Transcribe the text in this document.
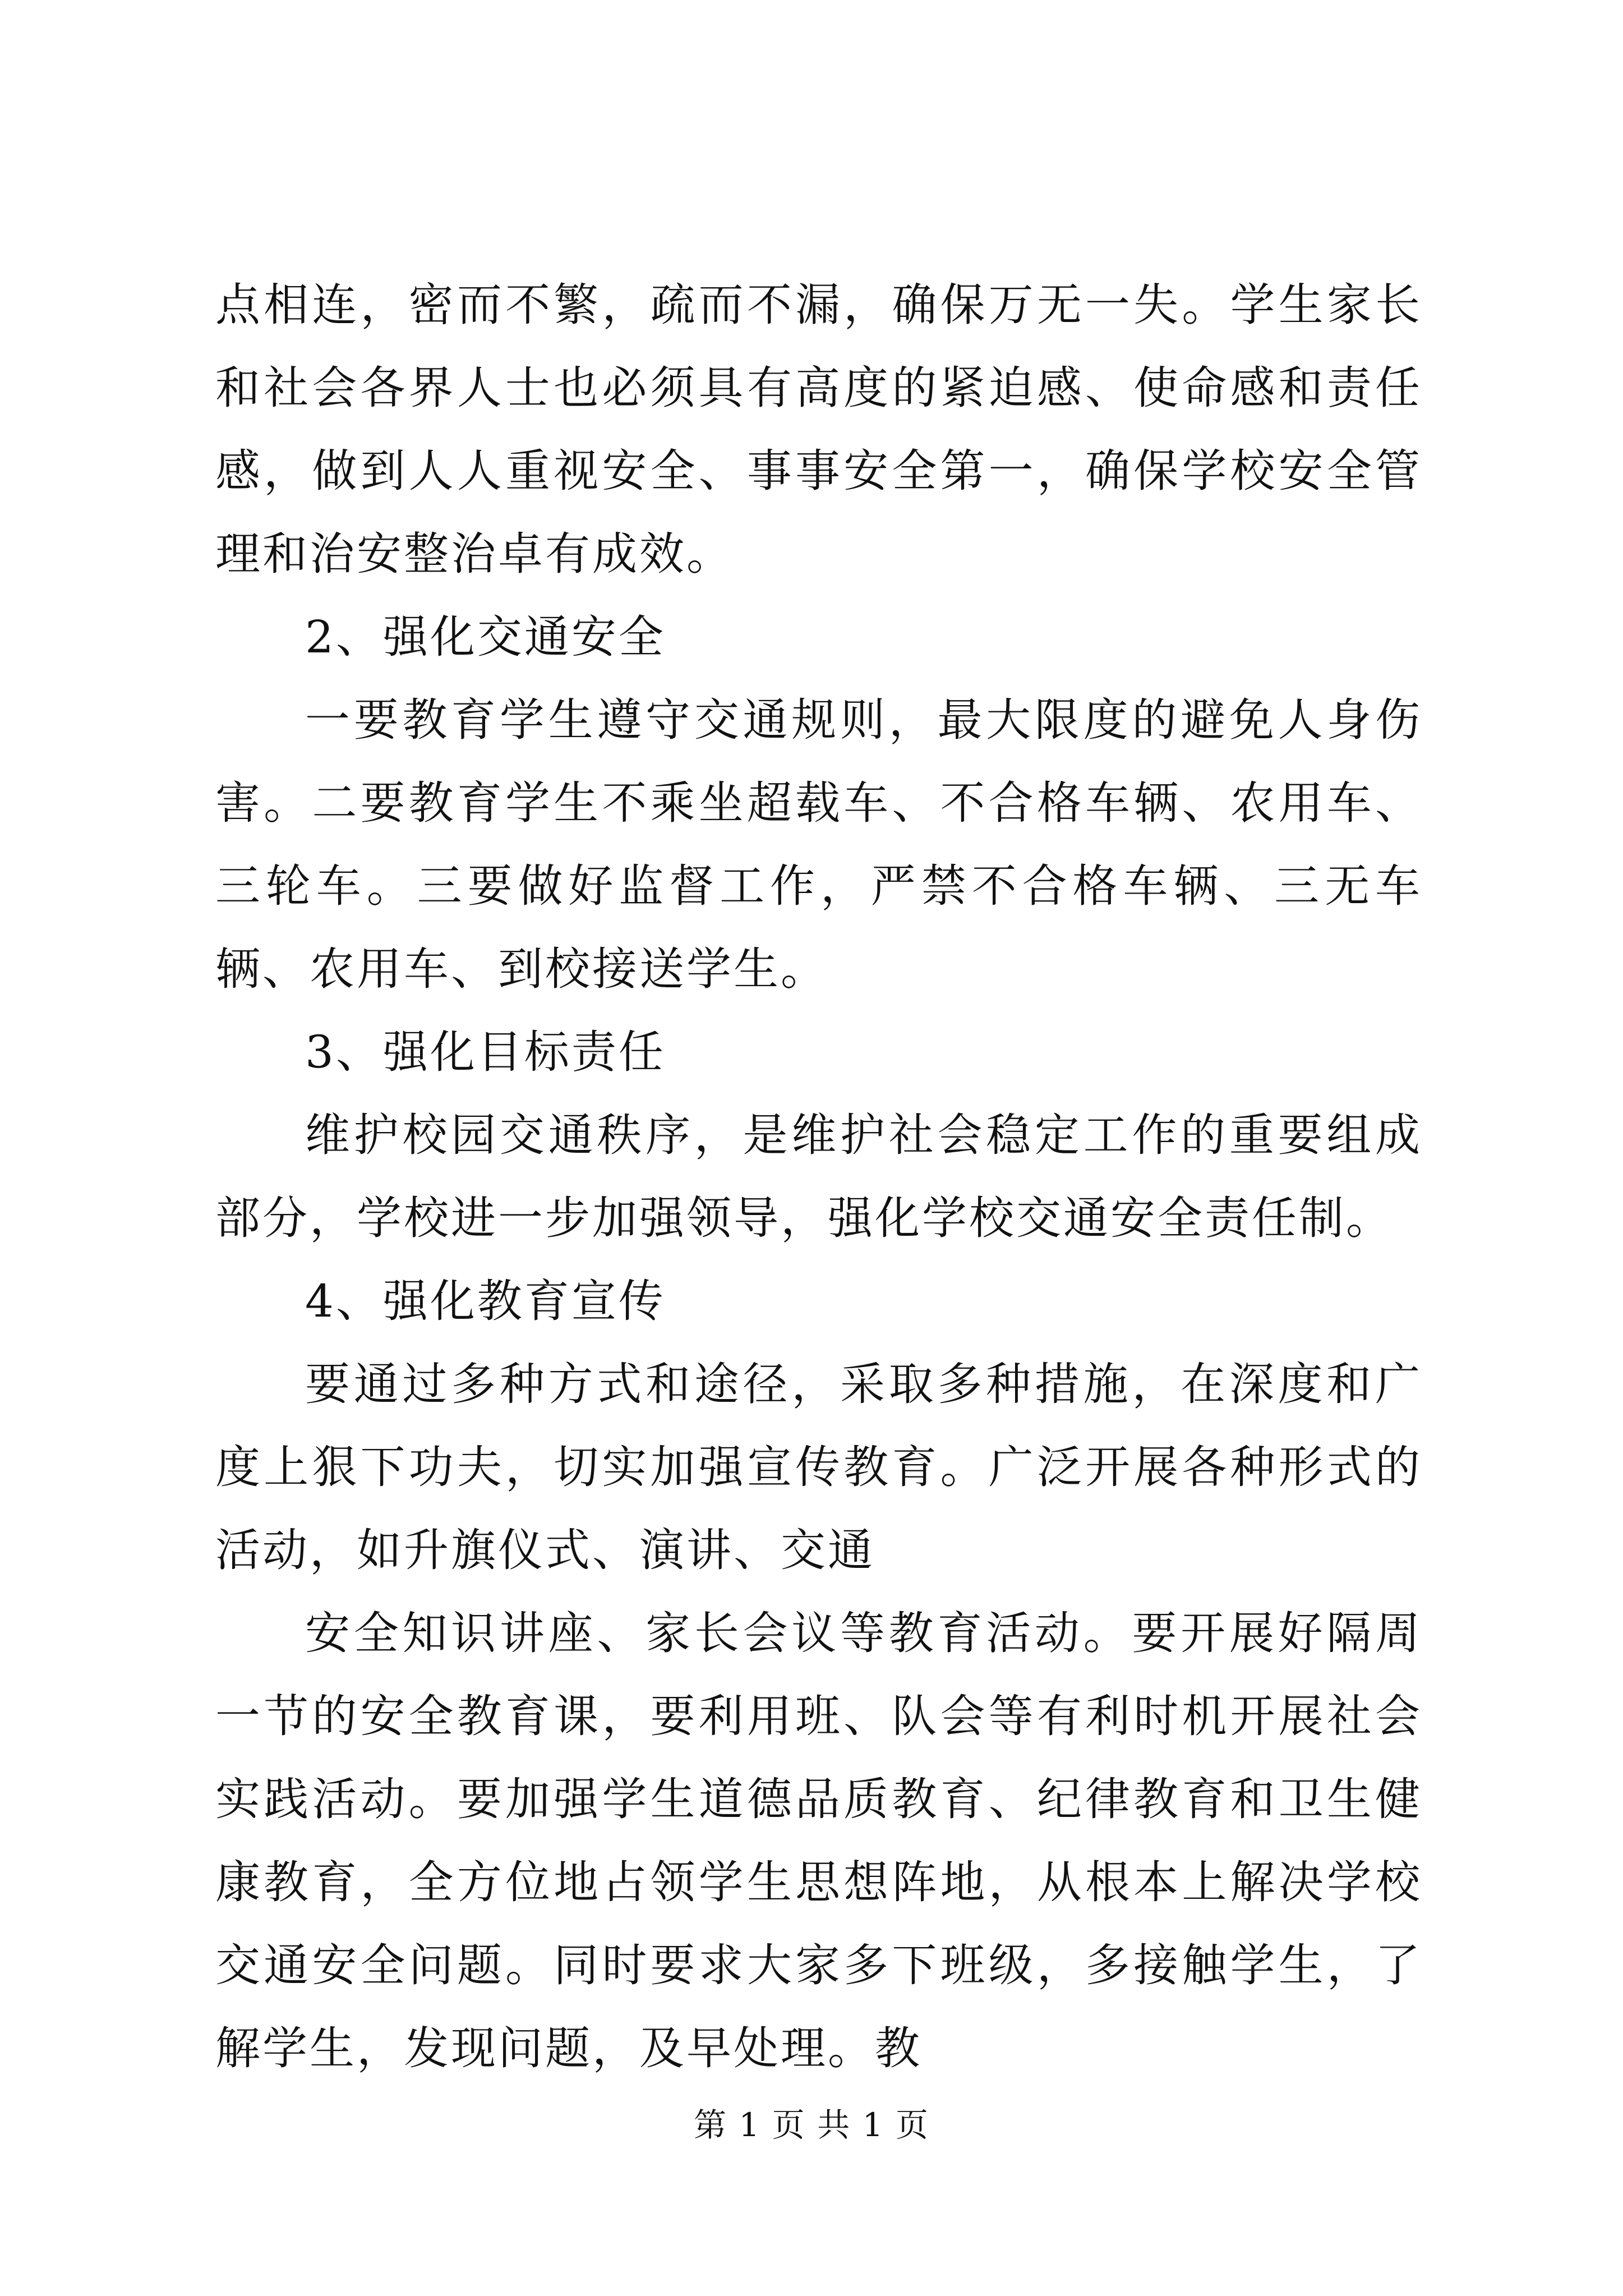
点相连，密而不繁，疏而不漏，确保万无一失。学生家长和社会各界人士也必须具有高度的紧迫感、使命感和责任感，做到人人重视安全、事事安全第一，确保学校安全管理和治安整治卓有成效。

2、强化交通安全

一要教育学生遵守交通规则，最大限度的避免人身伤害。二要教育学生不乘坐超载车、不合格车辆、农用车、三轮车。三要做好监督工作，严禁不合格车辆、三无车辆、农用车、到校接送学生。

3、强化目标责任

维护校园交通秩序，是维护社会稳定工作的重要组成部分，学校进一步加强领导，强化学校交通安全责任制。

4、强化教育宣传

要通过多种方式和途径，采取多种措施，在深度和广度上狠下功夫，切实加强宣传教育。广泛开展各种形式的活动，如升旗仪式、演讲、交通

安全知识讲座、家长会议等教育活动。要开展好隔周一节的安全教育课，要利用班、队会等有利时机开展社会实践活动。要加强学生道德品质教育、纪律教育和卫生健康教育，全方位地占领学生思想阵地，从根本上解决学校交通安全问题。同时要求大家多下班级，多接触学生，了解学生，发现问题，及早处理。教

第 1 页 共 1 页
